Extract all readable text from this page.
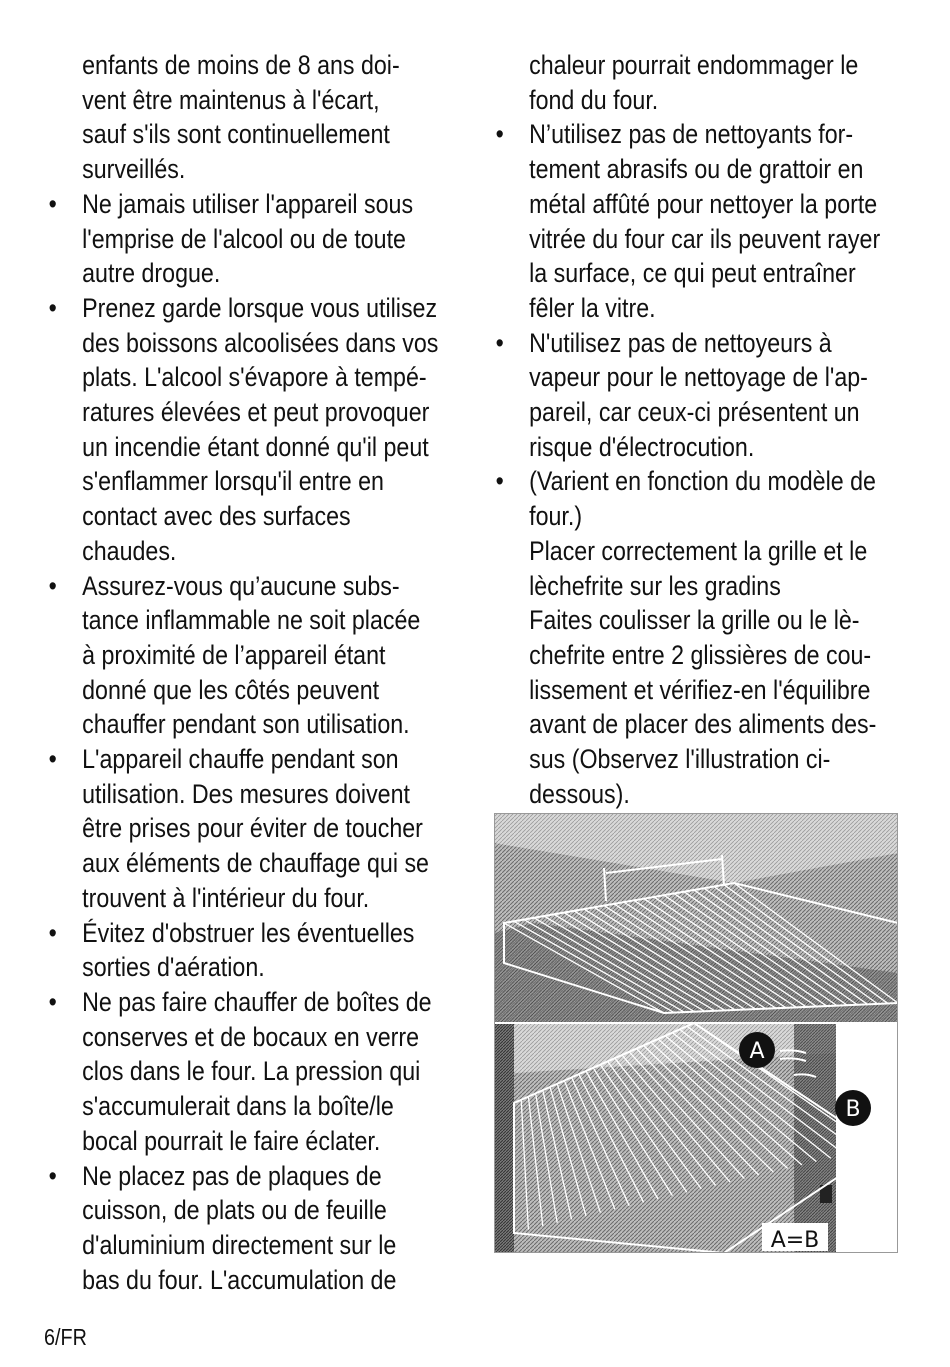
enfants de moins de 8 ans doi-
vent être maintenus à l'écart,
sauf s'ils sont continuellement
surveillés.

• Ne jamais utiliser l'appareil sous
l'emprise de l'alcool ou de toute
autre drogue.

• Prenez garde lorsque vous utilisez
des boissons alcoolisées dans vos
plats. L'alcool s'évapore à tempé-
ratures élevées et peut provoquer
un incendie étant donné qu'il peut
s'enflammer lorsqu'il entre en
contact avec des surfaces
chaudes.

• Assurez-vous qu’aucune subs-
tance inflammable ne soit placée
à proximité de l’appareil étant
donné que les côtés peuvent
chauffer pendant son utilisation.

• L'appareil chauffe pendant son
utilisation. Des mesures doivent
être prises pour éviter de toucher
aux éléments de chauffage qui se
trouvent à l'intérieur du four.

• Évitez d'obstruer les éventuelles
sorties d'aération.

• Ne pas faire chauffer de boîtes de
conserves et de bocaux en verre
clos dans le four. La pression qui
s'accumulerait dans la boîte/le
bocal pourrait le faire éclater.

• Ne placez pas de plaques de
cuisson, de plats ou de feuille
d'aluminium directement sur le
bas du four. L'accumulation de

chaleur pourrait endommager le
fond du four.

• N’utilisez pas de nettoyants for-
tement abrasifs ou de grattoir en
métal affûté pour nettoyer la porte
vitrée du four car ils peuvent rayer
la surface, ce qui peut entraîner
fêler la vitre.

• N'utilisez pas de nettoyeurs à
vapeur pour le nettoyage de l'ap-
pareil, car ceux-ci présentent un
risque d'électrocution.

• (Varient en fonction du modèle de
four.)
Placer correctement la grille et le
lèchefrite sur les gradins
Faites coulisser la grille ou le lè-
chefrite entre 2 glissières de cou-
lissement et vérifiez-en l'équilibre
avant de placer des aliments des-
sus (Observez l'illustration ci-
dessous).

A
B
A=B
6/FR
